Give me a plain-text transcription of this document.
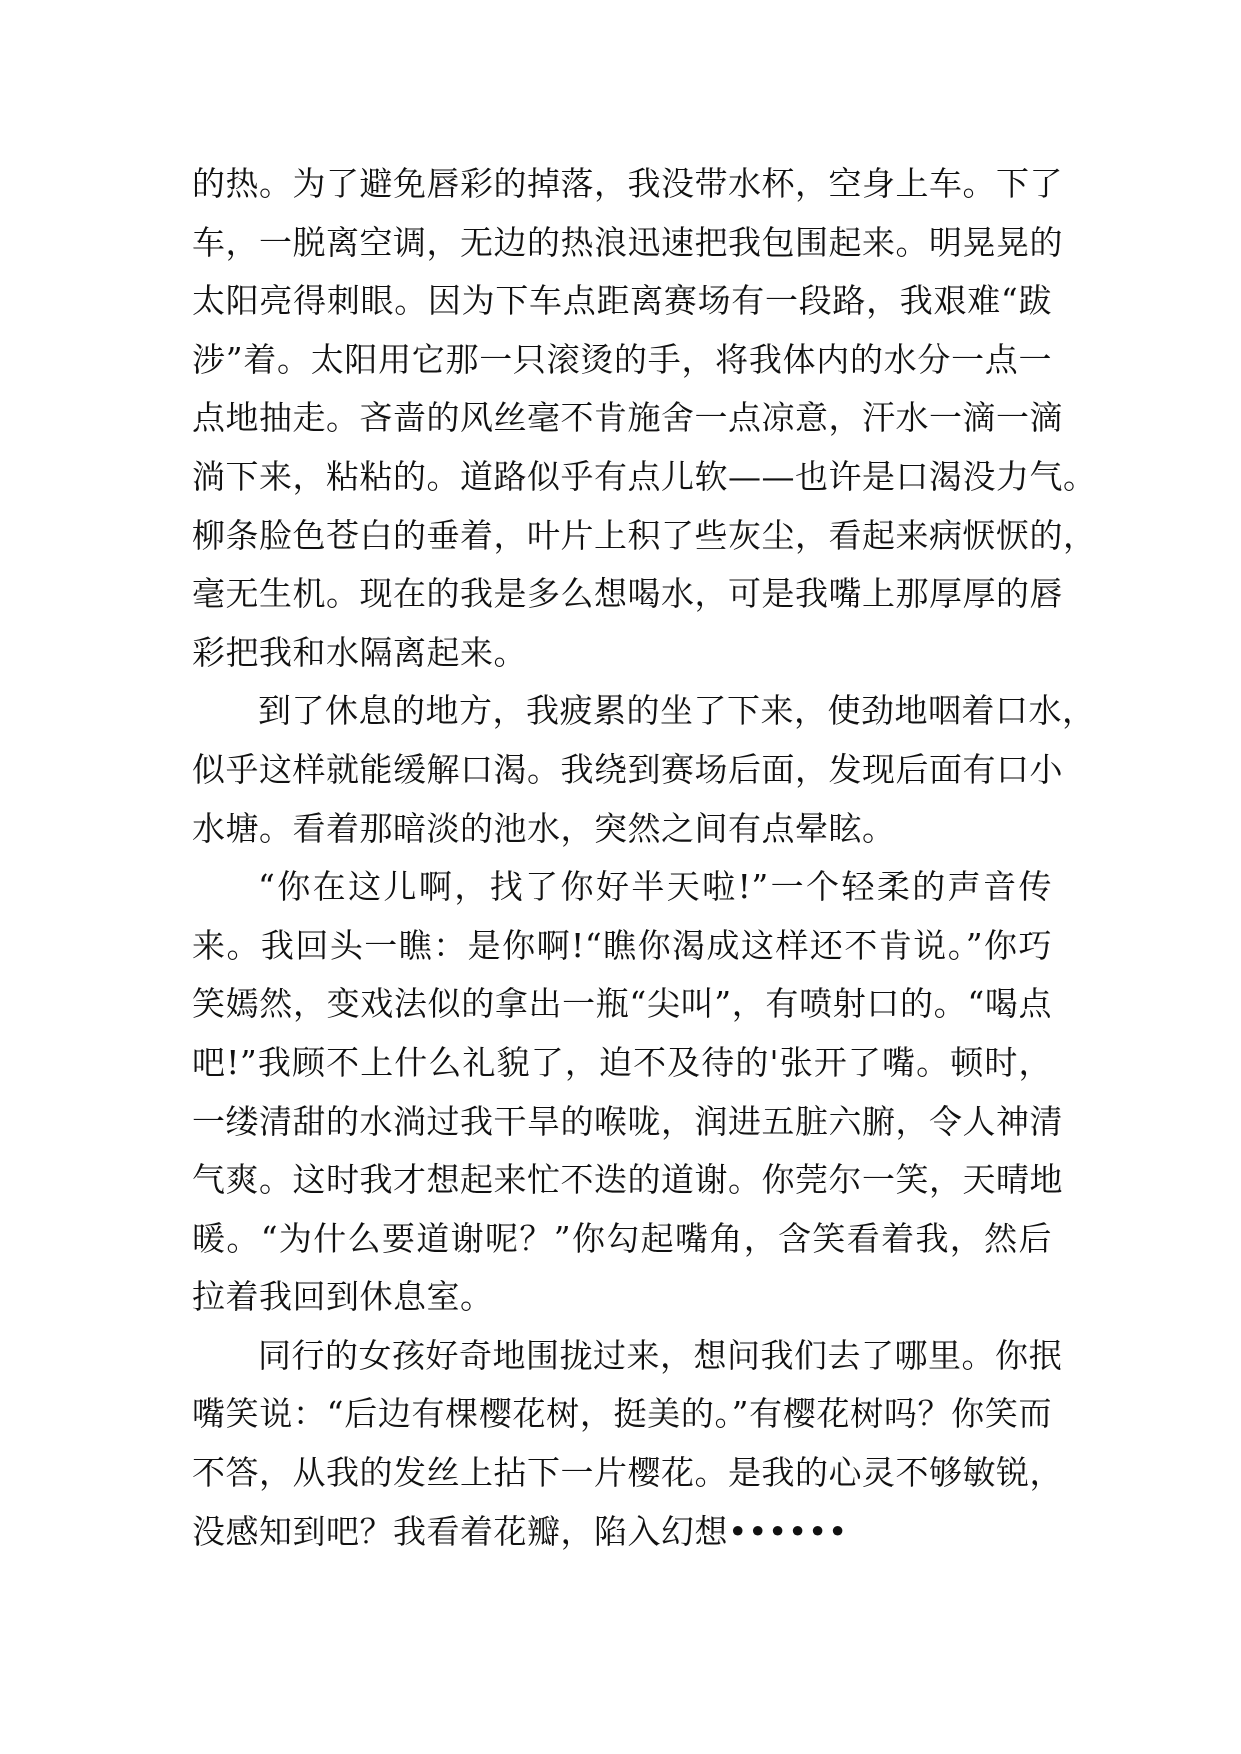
的热。为了避免唇彩的掉落，我没带水杯，空身上车。下了
车，一脱离空调，无边的热浪迅速把我包围起来。明晃晃的
太阳亮得刺眼。因为下车点距离赛场有一段路，我艰难“跋
涉”着。太阳用它那一只滚烫的手，将我体内的水分一点一
点地抽走。吝啬的风丝毫不肯施舍一点凉意，汗水一滴一滴
淌下来，粘粘的。道路似乎有点儿软——也许是口渴没力气。
柳条脸色苍白的垂着，叶片上积了些灰尘，看起来病恹恹的，
毫无生机。现在的我是多么想喝水，可是我嘴上那厚厚的唇
彩把我和水隔离起来。
到了休息的地方，我疲累的坐了下来，使劲地咽着口水，
似乎这样就能缓解口渴。我绕到赛场后面，发现后面有口小
水塘。看着那暗淡的池水，突然之间有点晕眩。
“你在这儿啊，找了你好半天啦!”一个轻柔的声音传
来。我回头一瞧：是你啊!“瞧你渴成这样还不肯说。”你巧
笑嫣然，变戏法似的拿出一瓶“尖叫”，有喷射口的。“喝点
吧!”我顾不上什么礼貌了，迫不及待的'张开了嘴。顿时，
一缕清甜的水淌过我干旱的喉咙，润进五脏六腑，令人神清
气爽。这时我才想起来忙不迭的道谢。你莞尔一笑，天晴地
暖。“为什么要道谢呢？”你勾起嘴角，含笑看着我，然后
拉着我回到休息室。
同行的女孩好奇地围拢过来，想问我们去了哪里。你抿
嘴笑说：“后边有棵樱花树，挺美的。”有樱花树吗？你笑而
不答，从我的发丝上拈下一片樱花。是我的心灵不够敏锐，
没感知到吧？我看着花瓣，陷入幻想••••••
